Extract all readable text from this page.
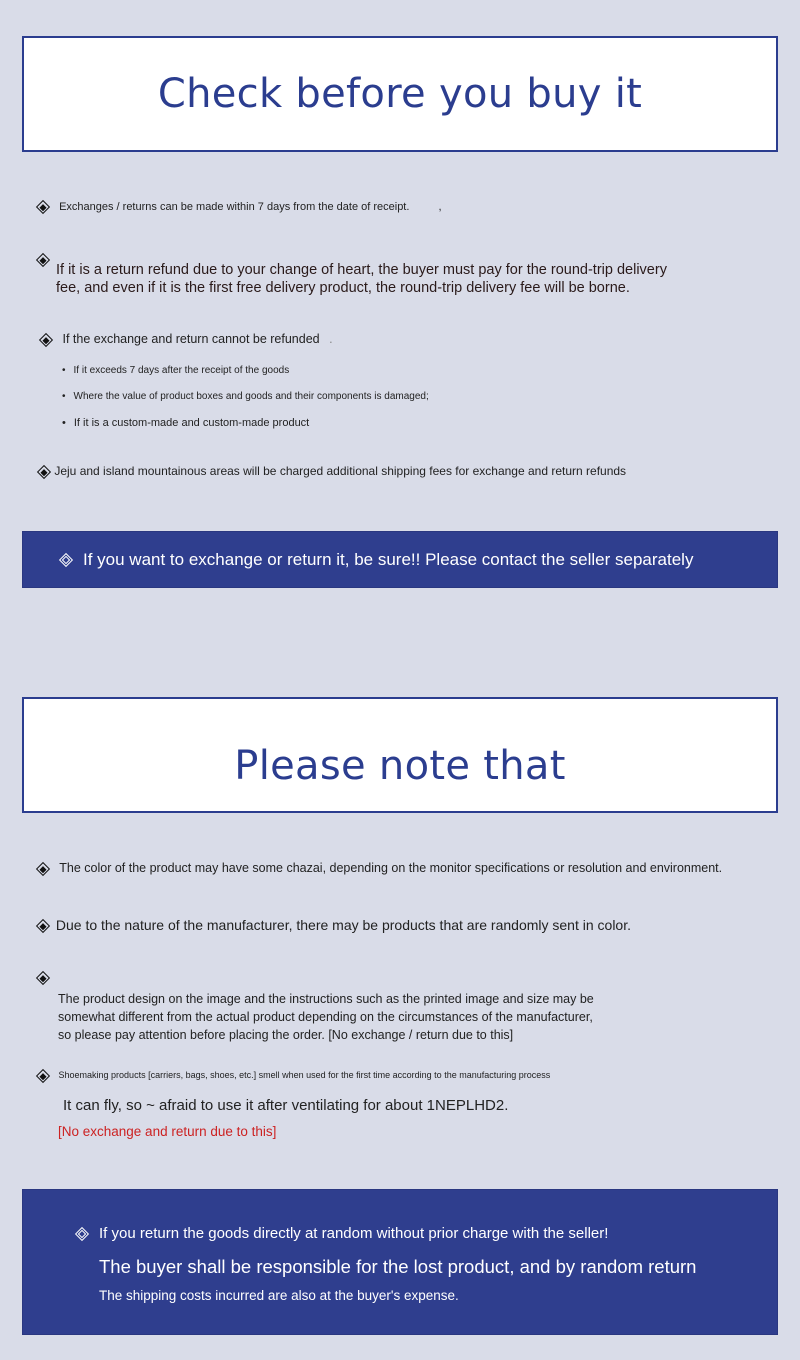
Check before you buy it
Exchanges / returns can be made within 7 days from the date of receipt.	,
If it is a return refund due to your change of heart, the buyer must pay for the round-trip delivery
fee, and even if it is the first free delivery product, the round-trip delivery fee will be borne.
If the exchange and return cannot be refunded .
• If it exceeds 7 days after the receipt of the goods
• Where the value of product boxes and goods and their components is damaged;
• If it is a custom-made and custom-made product
Jeju and island mountainous areas will be charged additional shipping fees for exchange and return refunds
If you want to exchange or return it, be sure!! Please contact the seller separately
Please note that
The color of the product may have some chazai, depending on the monitor specifications or resolution and environment.
Due to the nature of the manufacturer, there may be products that are randomly sent in color.
The product design on the image and the instructions such as the printed image and size may be
somewhat different from the actual product depending on the circumstances of the manufacturer,
so please pay attention before placing the order. [No exchange / return due to this]
Shoemaking products [carriers, bags, shoes, etc.] smell when used for the first time according to the manufacturing process
It can fly, so ~ afraid to use it after ventilating for about 1NEPLHD2.
[No exchange and return due to this]
If you return the goods directly at random without prior charge with the seller!
The buyer shall be responsible for the lost product, and by random return
The shipping costs incurred are also at the buyer's expense.
